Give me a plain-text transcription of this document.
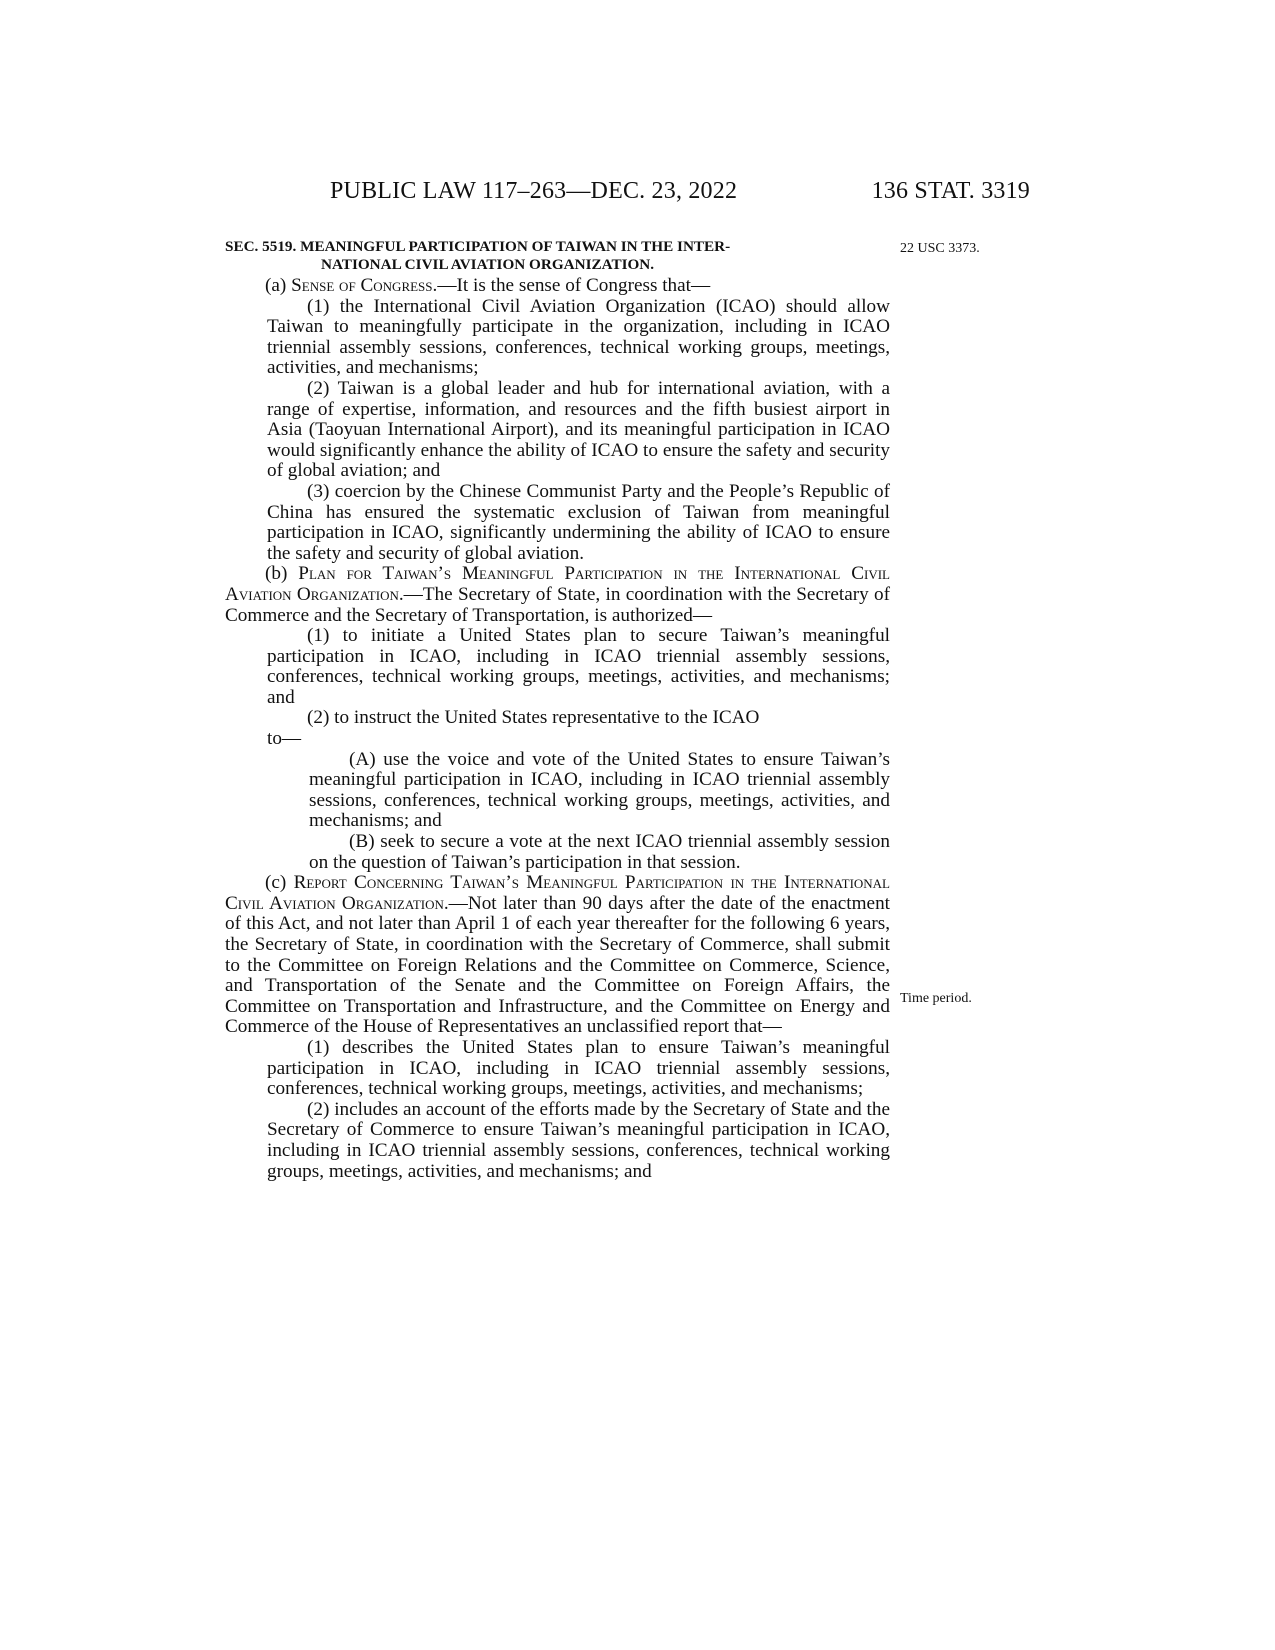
PUBLIC LAW 117–263—DEC. 23, 2022	136 STAT. 3319
22 USC 3373.
Time period.
SEC. 5519. MEANINGFUL PARTICIPATION OF TAIWAN IN THE INTER-
NATIONAL CIVIL AVIATION ORGANIZATION.

(a) Sense of Congress.—It is the sense of Congress that—

(1) the International Civil Aviation Organization (ICAO) should allow Taiwan to meaningfully participate in the organization, including in ICAO triennial assembly sessions, conferences, technical working groups, meetings, activities, and mechanisms;

(2) Taiwan is a global leader and hub for international aviation, with a range of expertise, information, and resources and the fifth busiest airport in Asia (Taoyuan International Airport), and its meaningful participation in ICAO would significantly enhance the ability of ICAO to ensure the safety and security of global aviation; and

(3) coercion by the Chinese Communist Party and the People’s Republic of China has ensured the systematic exclusion of Taiwan from meaningful participation in ICAO, significantly undermining the ability of ICAO to ensure the safety and security of global aviation.

(b) Plan for Taiwan’s Meaningful Participation in the International Civil Aviation Organization.—The Secretary of State, in coordination with the Secretary of Commerce and the Secretary of Transportation, is authorized—

(1) to initiate a United States plan to secure Taiwan’s meaningful participation in ICAO, including in ICAO triennial assembly sessions, conferences, technical working groups, meetings, activities, and mechanisms; and

(2) to instruct the United States representative to the ICAO

to—

(A) use the voice and vote of the United States to ensure Taiwan’s meaningful participation in ICAO, including in ICAO triennial assembly sessions, conferences, technical working groups, meetings, activities, and mechanisms; and

(B) seek to secure a vote at the next ICAO triennial assembly session on the question of Taiwan’s participation in that session.

(c) Report Concerning Taiwan’s Meaningful Participation in the International Civil Aviation Organization.—Not later than 90 days after the date of the enactment of this Act, and not later than April 1 of each year thereafter for the following 6 years, the Secretary of State, in coordination with the Secretary of Commerce, shall submit to the Committee on Foreign Relations and the Committee on Commerce, Science, and Transportation of the Senate and the Committee on Foreign Affairs, the Committee on Transportation and Infrastructure, and the Committee on Energy and Commerce of the House of Representatives an unclassified report that—

(1) describes the United States plan to ensure Taiwan’s meaningful participation in ICAO, including in ICAO triennial assembly sessions, conferences, technical working groups, meetings, activities, and mechanisms;

(2) includes an account of the efforts made by the Secretary of State and the Secretary of Commerce to ensure Taiwan’s meaningful participation in ICAO, including in ICAO triennial assembly sessions, conferences, technical working groups, meetings, activities, and mechanisms; and
